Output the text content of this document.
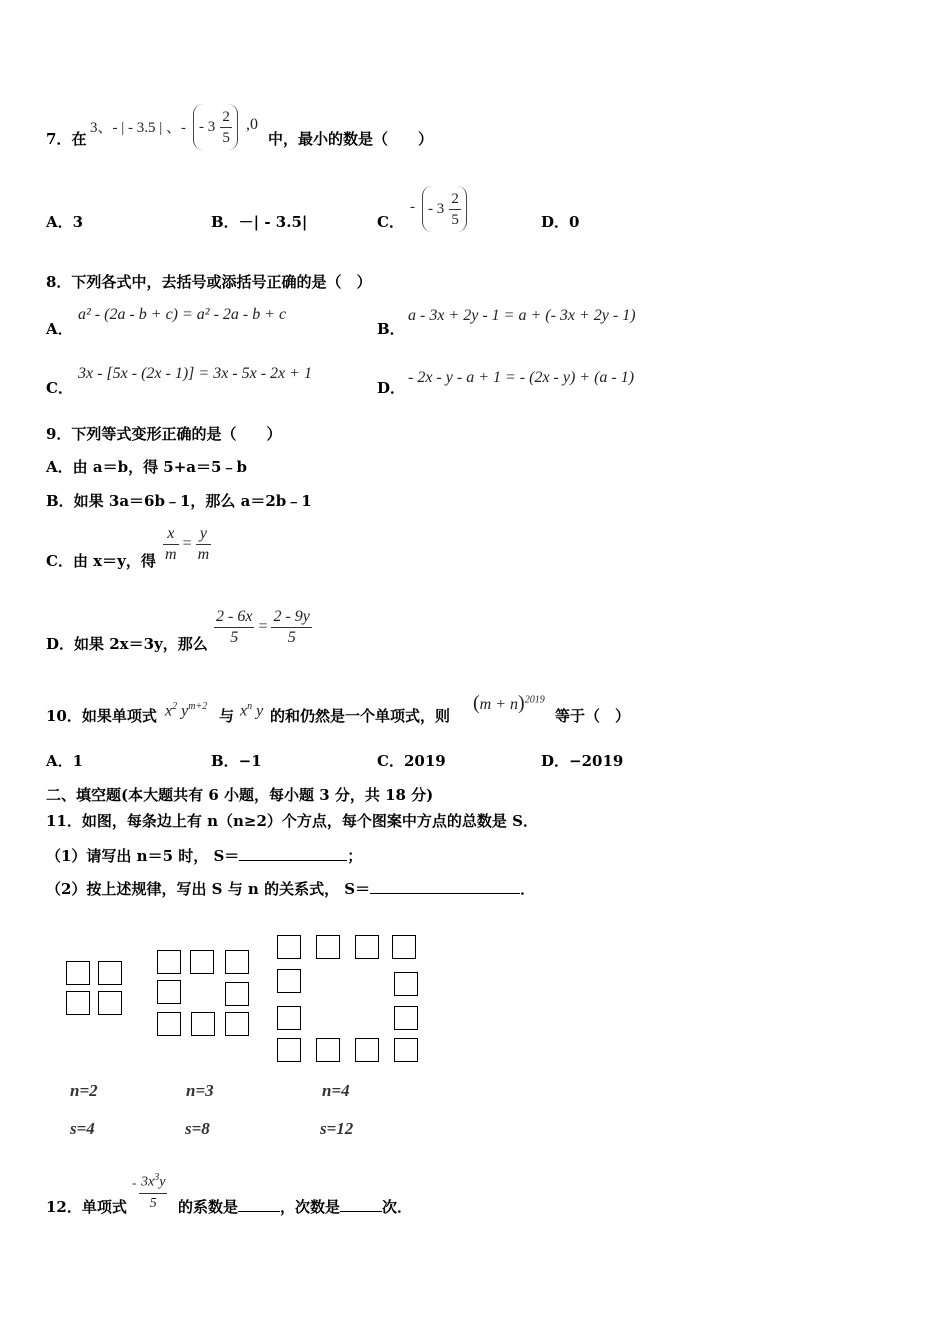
7．在
3、- | - 3.5 | 、- - $3 \frac{2}{5} ,0$
中，最小的数是（　　）
A．3	B．－| - 3.5|	C．
- - $3 \frac{2}{5}$	D．0
8．下列各式中，去括号或添括号正确的是（　）
A．
a² - (2a - b + c) = a² - 2a - b + c
B．
a - 3x + 2y - 1 = a + (- 3x + 2y - 1)
C．
3x - [5x - (2x - 1)] = 3x - 5x - 2x + 1
D．
- 2x - y - a + 1 = - (2x - y) + (a - 1)
9．下列等式变形正确的是（　　）
A．由 a＝b，得 5+a＝5﹣b
B．如果 3a＝6b﹣1，那么 a＝2b﹣1
C．由 x＝y，得 $\frac{x}{m} = \frac{y}{m}$
D．如果 2x＝3y，那么 $\frac{2 - 6x}{5} = \frac{2 - 9y}{5}$
10．如果单项式 $x^2$ $y^{m+2}$
与 $x^n$ y 的和仍然是一个单项式，则
$(m + n)^{2019}$
等于（　）
A．1	B．−1	C．2019	D．−2019
二、填空题(本大题共有 6 小题，每小题 3 分，共 18 分)
11．如图，每条边上有 n（n≥2）个方点，每个图案中方点的总数是 S．
（1）请写出 n＝5 时， S＝	；
（2）按上述规律，写出 S 与 n 的关系式， S＝	．
n=2	n=3	n=4
s=4	s=8	s=12
12．单项式
- $\frac{3x^3y}{5}$ 的系数是	，次数是	次．
